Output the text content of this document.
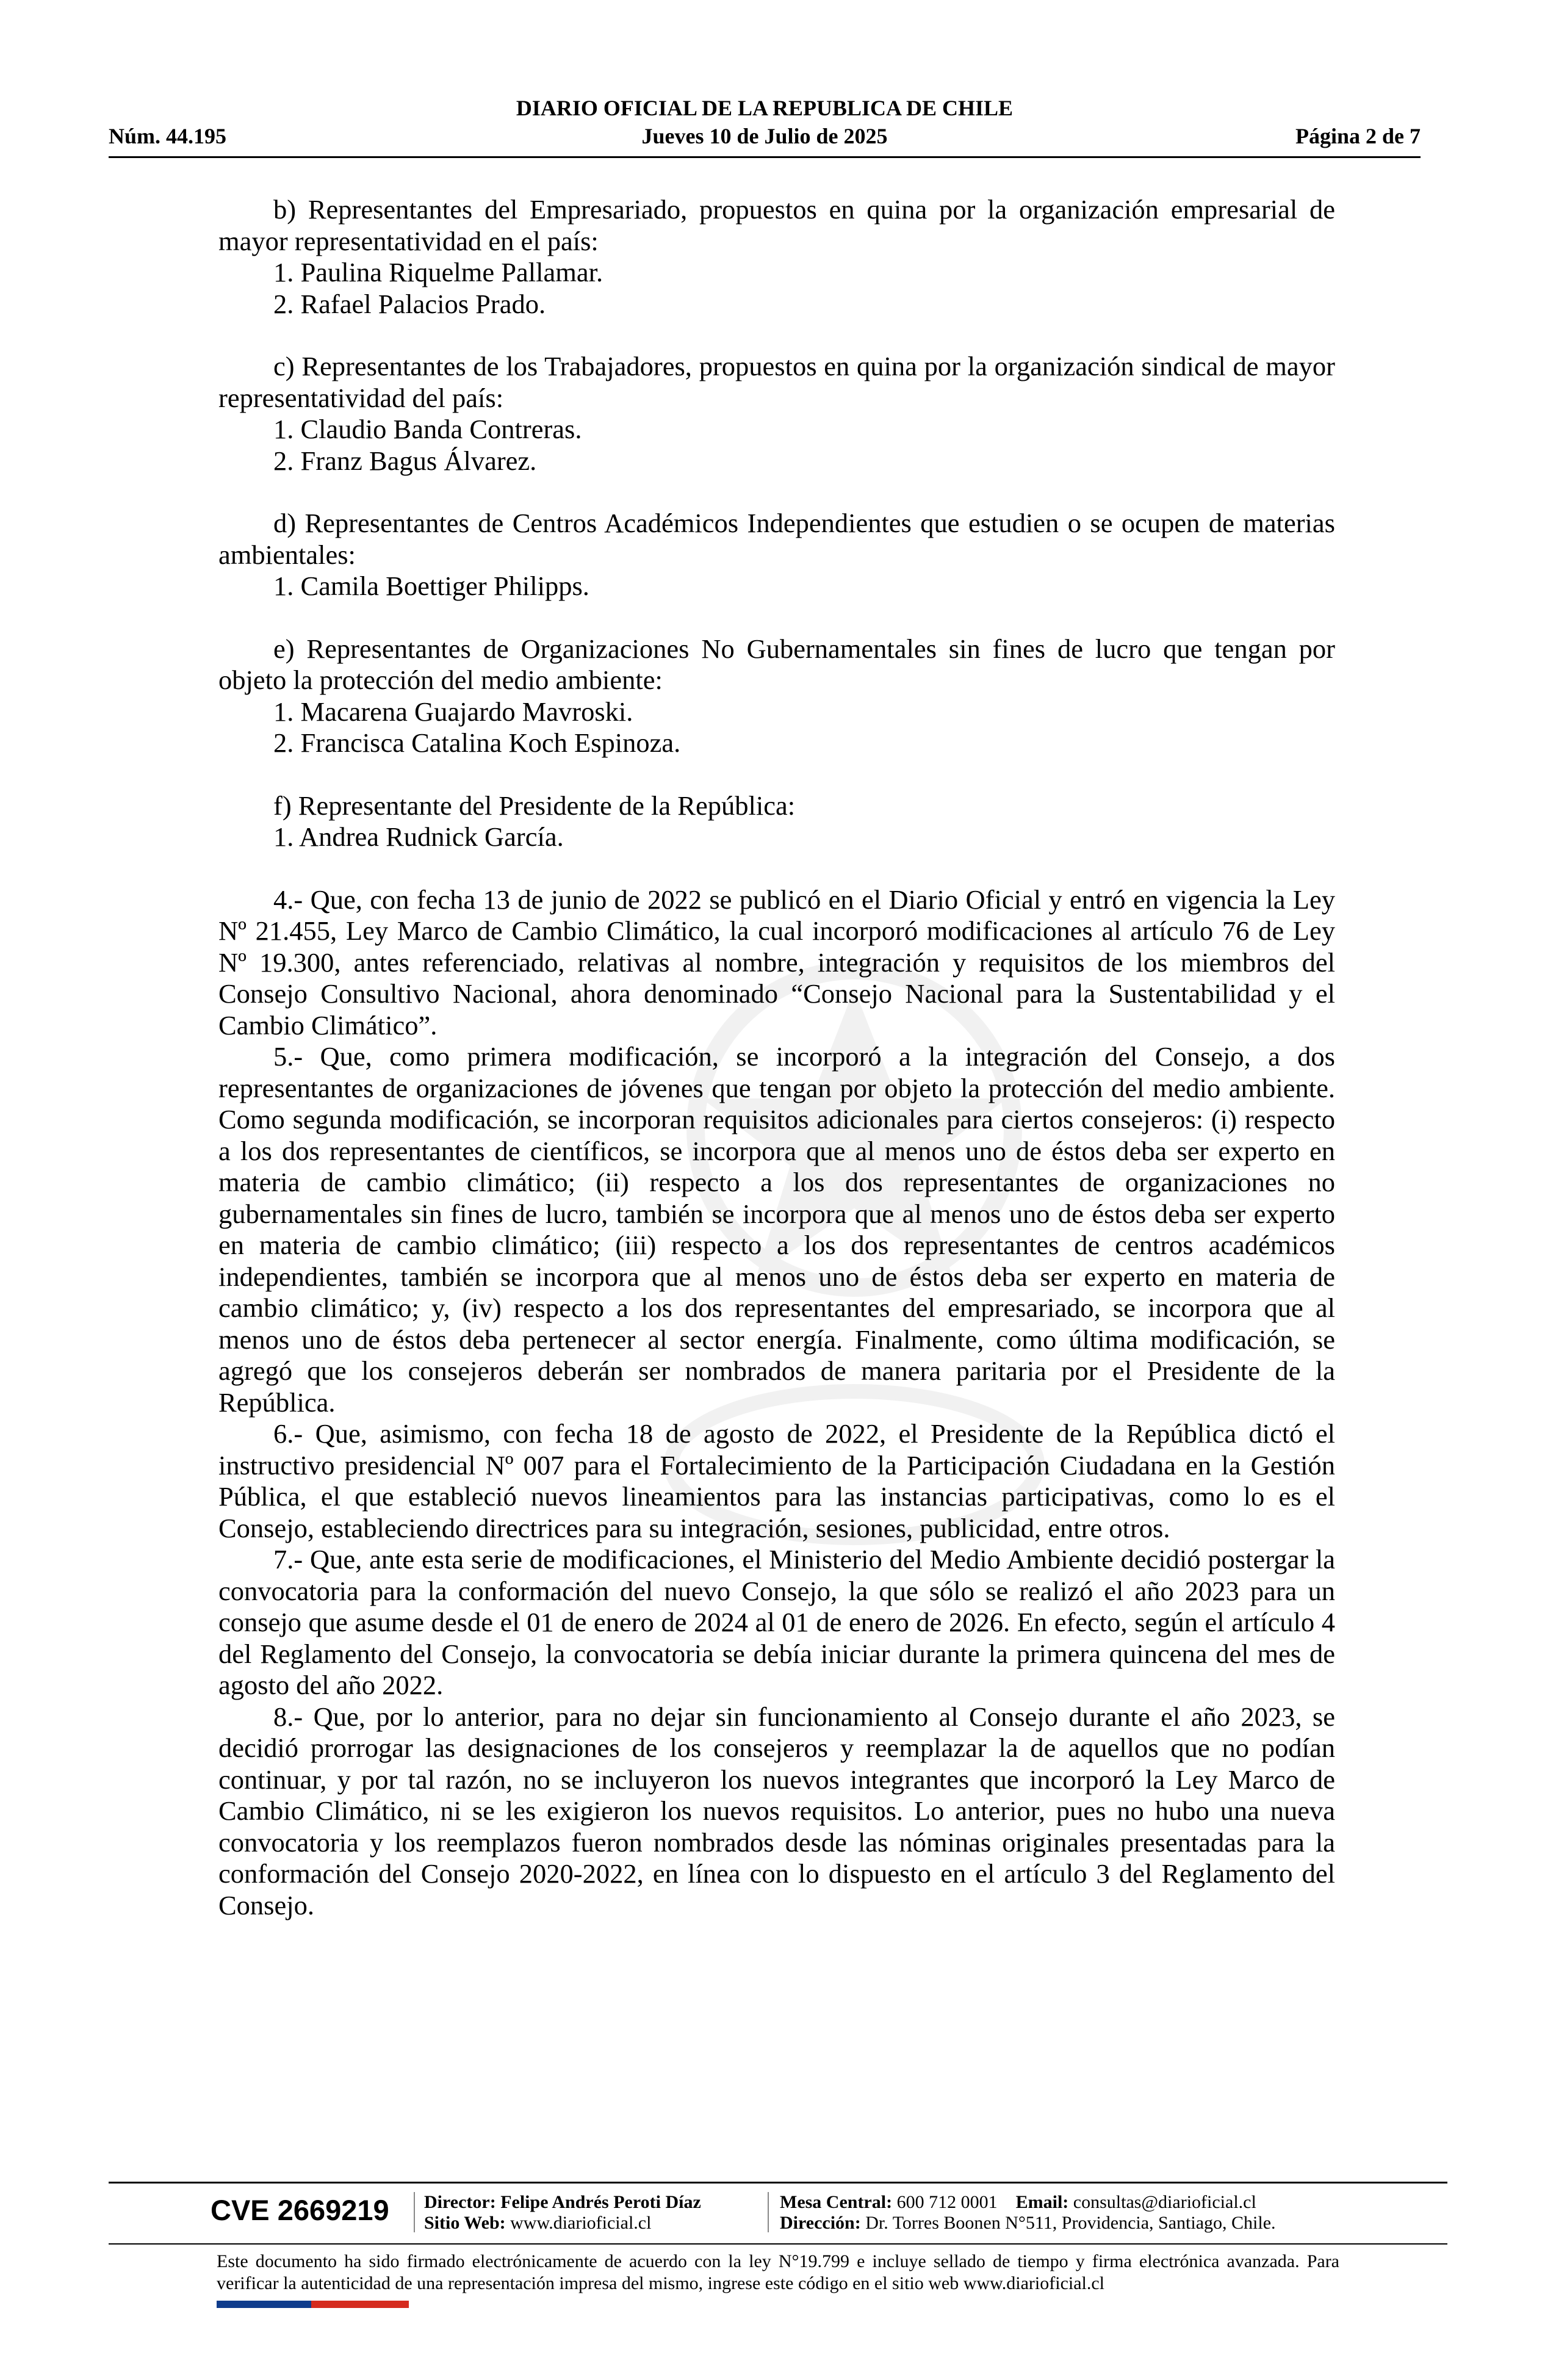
DIARIO OFICIAL DE LA REPUBLICA DE CHILE
Núm. 44.195	Jueves 10 de Julio de 2025	Página 2 de 7

b) Representantes del Empresariado, propuestos en quina por la organización empresarial de mayor representatividad en el país:

1. Paulina Riquelme Pallamar.

2. Rafael Palacios Prado.

c) Representantes de los Trabajadores, propuestos en quina por la organización sindical de mayor representatividad del país:

1. Claudio Banda Contreras.

2. Franz Bagus Álvarez.

d) Representantes de Centros Académicos Independientes que estudien o se ocupen de materias ambientales:

1. Camila Boettiger Philipps.

e) Representantes de Organizaciones No Gubernamentales sin fines de lucro que tengan por objeto la protección del medio ambiente:

1. Macarena Guajardo Mavroski.

2. Francisca Catalina Koch Espinoza.

f) Representante del Presidente de la República:

1. Andrea Rudnick García.

4.- Que, con fecha 13 de junio de 2022 se publicó en el Diario Oficial y entró en vigencia la Ley Nº 21.455, Ley Marco de Cambio Climático, la cual incorporó modificaciones al artículo 76 de Ley Nº 19.300, antes referenciado, relativas al nombre, integración y requisitos de los miembros del Consejo Consultivo Nacional, ahora denominado “Consejo Nacional para la Sustentabilidad y el Cambio Climático”.

5.- Que, como primera modificación, se incorporó a la integración del Consejo, a dos representantes de organizaciones de jóvenes que tengan por objeto la protección del medio ambiente. Como segunda modificación, se incorporan requisitos adicionales para ciertos consejeros: (i) respecto a los dos representantes de científicos, se incorpora que al menos uno de éstos deba ser experto en materia de cambio climático; (ii) respecto a los dos representantes de organizaciones no gubernamentales sin fines de lucro, también se incorpora que al menos uno de éstos deba ser experto en materia de cambio climático; (iii) respecto a los dos representantes de centros académicos independientes, también se incorpora que al menos uno de éstos deba ser experto en materia de cambio climático; y, (iv) respecto a los dos representantes del empresariado, se incorpora que al menos uno de éstos deba pertenecer al sector energía. Finalmente, como última modificación, se agregó que los consejeros deberán ser nombrados de manera paritaria por el Presidente de la República.

6.- Que, asimismo, con fecha 18 de agosto de 2022, el Presidente de la República dictó el instructivo presidencial Nº 007 para el Fortalecimiento de la Participación Ciudadana en la Gestión Pública, el que estableció nuevos lineamientos para las instancias participativas, como lo es el Consejo, estableciendo directrices para su integración, sesiones, publicidad, entre otros.

7.- Que, ante esta serie de modificaciones, el Ministerio del Medio Ambiente decidió postergar la convocatoria para la conformación del nuevo Consejo, la que sólo se realizó el año 2023 para un consejo que asume desde el 01 de enero de 2024 al 01 de enero de 2026. En efecto, según el artículo 4 del Reglamento del Consejo, la convocatoria se debía iniciar durante la primera quincena del mes de agosto del año 2022.

8.- Que, por lo anterior, para no dejar sin funcionamiento al Consejo durante el año 2023, se decidió prorrogar las designaciones de los consejeros y reemplazar la de aquellos que no podían continuar, y por tal razón, no se incluyeron los nuevos integrantes que incorporó la Ley Marco de Cambio Climático, ni se les exigieron los nuevos requisitos. Lo anterior, pues no hubo una nueva convocatoria y los reemplazos fueron nombrados desde las nóminas originales presentadas para la conformación del Consejo 2020-2022, en línea con lo dispuesto en el artículo 3 del Reglamento del Consejo.

CVE 2669219 Director: Felipe Andrés Peroti Díaz
Sitio Web: www.diarioficial.cl
Mesa Central: 600 712 0001 Email: consultas@diarioficial.cl
Dirección: Dr. Torres Boonen N°511, Providencia, Santiago, Chile.
Este documento ha sido firmado electrónicamente de acuerdo con la ley N°19.799 e incluye sellado de tiempo y firma electrónica avanzada. Para verificar la autenticidad de una representación impresa del mismo, ingrese este código en el sitio web www.diarioficial.cl
